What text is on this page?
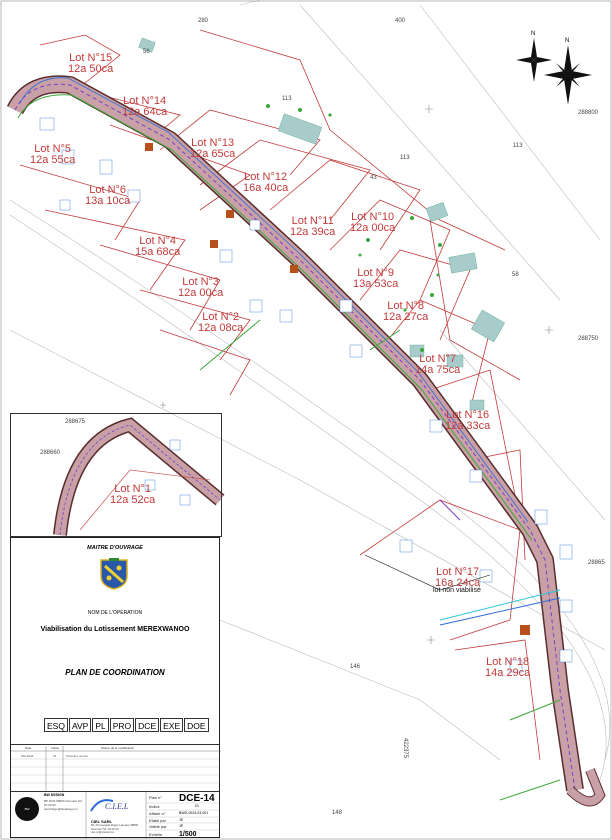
N
N
Lot N°15
12a 50ca
Lot N°14
12a 64ca
Lot N°13
12a 65ca
Lot N°12
16a 40ca
Lot N°11
12a 39ca
Lot N°10
12a 00ca
Lot N°9
13a 53ca
Lot N°8
12a 27ca
Lot N°7
14a 75ca
Lot N°16
12a 33ca
Lot N°17
16a 24ca
Lot N°18
14a 29ca
Lot N°5
12a 55ca
Lot N°6
13a 10ca
Lot N°4
15a 68ca
Lot N°3
12a 00ca
Lot N°2
12a 08ca
Lot N°1
12a 52ca
lot non viabilisé
280	400
288800
288750
288675
288660
28865
422375
113
113
113
58
56
43
146
148
MAITRE D'OUVRAGE
NOM DE L'OPERATION
Viabilisation du Lotissement MEREXWANOO
PLAN DE COORDINATION
ESQ AVP PL PRO DCE EXE DOE
Date	Indice	Nature de la modification
Mai 2024	01	Première remise
BW
BW DESIGN
BP 2044 98846 Nouméa Tél: 00 00 00 saccharge@bwdesign.nc	C.I.E.L
CIEL SARL
66, Promenade Roger Laroque 98800 Nouméa Tél: 00 00 00 ciel.nc@cielsarl.nc
Plan n° DCE-14
Indice	01
Affaire n°	BWD-0024-03-001
Etabli par	JE
Validé par	JE
Echelle 1/500
